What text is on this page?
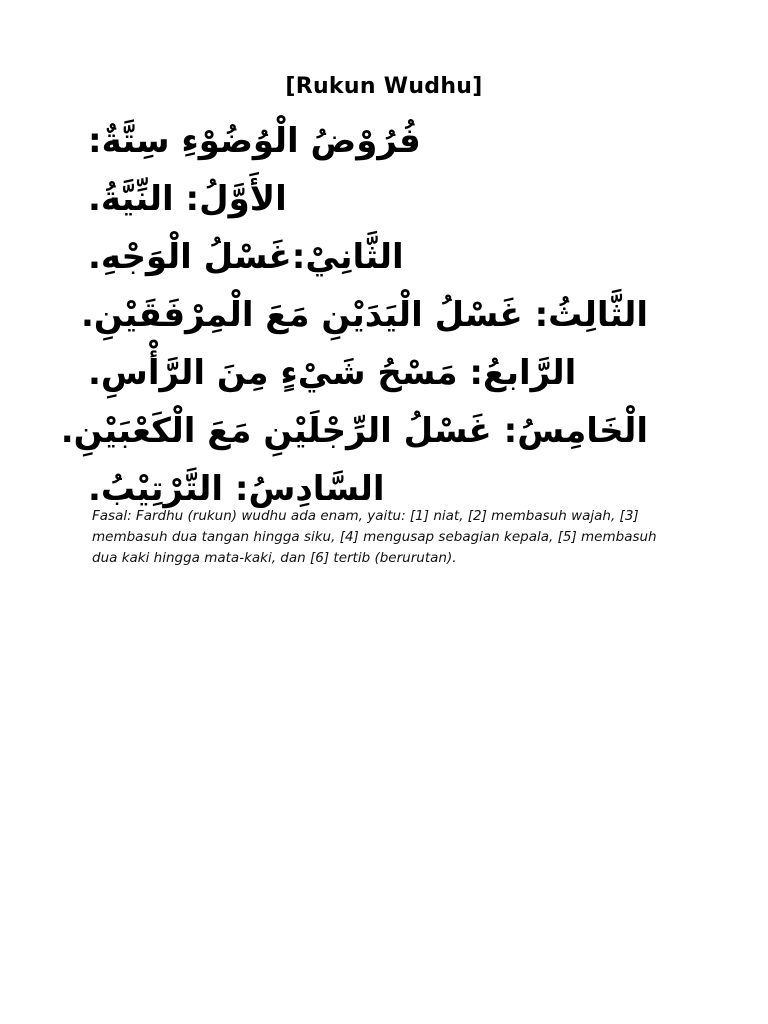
[Rukun Wudhu]
فُرُوْضُ الْوُضُوْءِ سِتَّةٌ:
الأَوَّلُ: النِّيَّةُ.
الثَّانِيْ:غَسْلُ الْوَجْهِ.
الثَّالِثُ: غَسْلُ الْيَدَيْنِ مَعَ الْمِرْفَقَيْنِ.
الرَّابعُ: مَسْحُ شَيْءٍ مِنَ الرَّأْسِ.
الْخَامِسُ: غَسْلُ الرِّجْلَيْنِ مَعَ الْكَعْبَيْنِ.
السَّادِسُ: التَّرْتِيْبُ.
Fasal: Fardhu (rukun) wudhu ada enam, yaitu: [1] niat, [2] membasuh wajah, [3] membasuh dua tangan hingga siku, [4] mengusap sebagian kepala, [5] membasuh dua kaki hingga mata-kaki, dan [6] tertib (berurutan).
